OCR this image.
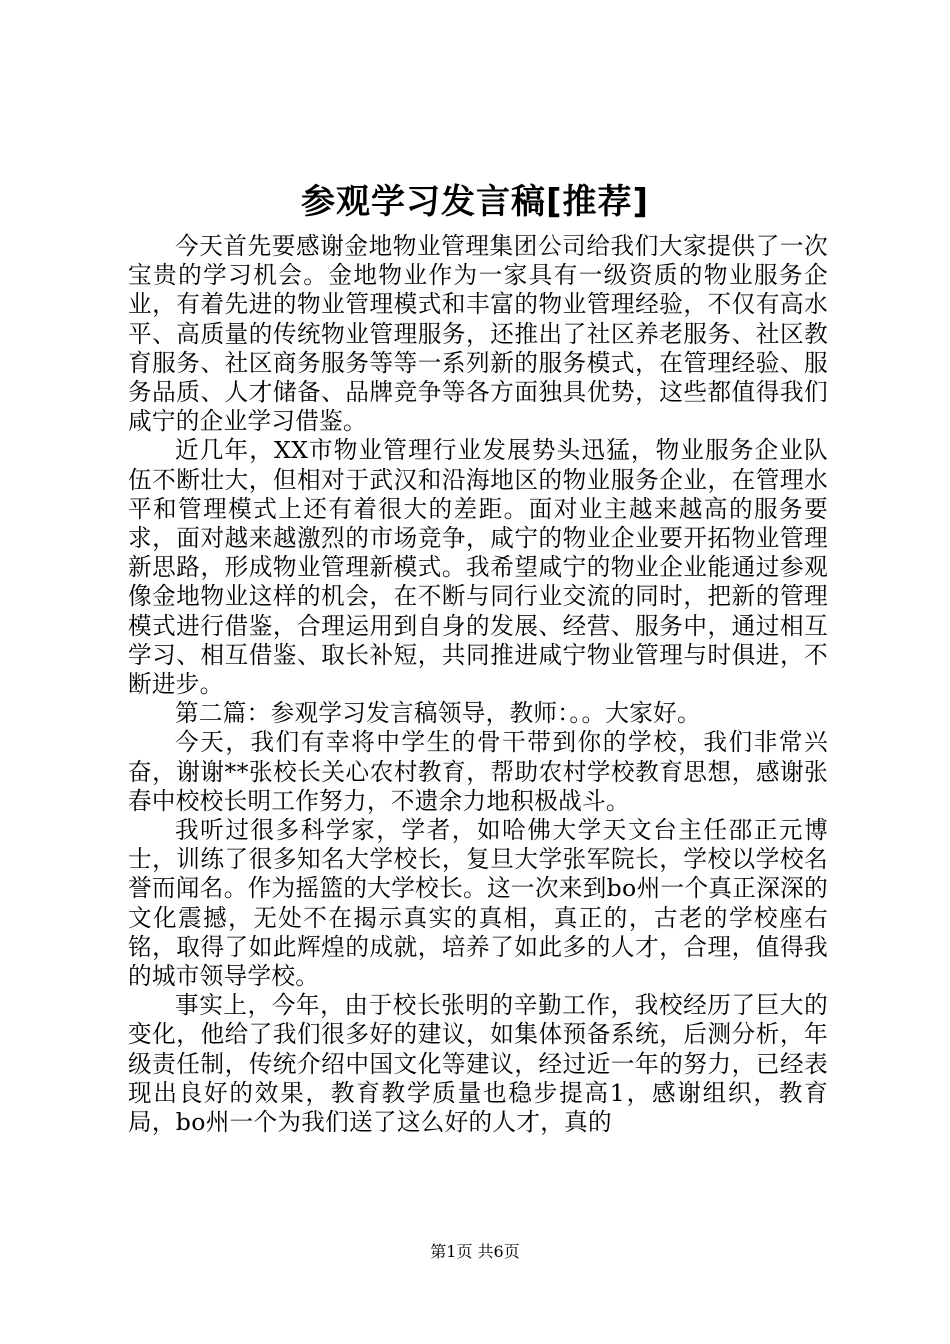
参观学习发言稿[推荐]

今天首先要感谢金地物业管理集团公司给我们大家提供了一次宝贵的学习机会。金地物业作为一家具有一级资质的物业服务企业，有着先进的物业管理模式和丰富的物业管理经验，不仅有高水平、高质量的传统物业管理服务，还推出了社区养老服务、社区教育服务、社区商务服务等等一系列新的服务模式，在管理经验、服务品质、人才储备、品牌竞争等各方面独具优势，这些都值得我们咸宁的企业学习借鉴。

近几年，XX市物业管理行业发展势头迅猛，物业服务企业队伍不断壮大，但相对于武汉和沿海地区的物业服务企业，在管理水平和管理模式上还有着很大的差距。面对业主越来越高的服务要求，面对越来越激烈的市场竞争，咸宁的物业企业要开拓物业管理新思路，形成物业管理新模式。我希望咸宁的物业企业能通过参观像金地物业这样的机会，在不断与同行业交流的同时，把新的管理模式进行借鉴，合理运用到自身的发展、经营、服务中，通过相互学习、相互借鉴、取长补短，共同推进咸宁物业管理与时俱进，不断进步。

第二篇：参观学习发言稿领导，教师：。。大家好。

今天，我们有幸将中学生的骨干带到你的学校，我们非常兴奋，谢谢**张校长关心农村教育，帮助农村学校教育思想，感谢张春中校校长明工作努力，不遗余力地积极战斗。

我听过很多科学家，学者，如哈佛大学天文台主任邵正元博士，训练了很多知名大学校长，复旦大学张军院长，学校以学校名誉而闻名。作为摇篮的大学校长。这一次来到bo州一个真正深深的文化震撼，无处不在揭示真实的真相，真正的，古老的学校座右铭，取得了如此辉煌的成就，培养了如此多的人才，合理，值得我的城市领导学校。

事实上，今年，由于校长张明的辛勤工作，我校经历了巨大的变化，他给了我们很多好的建议，如集体预备系统，后测分析，年级责任制，传统介绍中国文化等建议，经过近一年的努力，已经表现出良好的效果，教育教学质量也稳步提高1，感谢组织，教育局，bo州一个为我们送了这么好的人才，真的

第1页 共6页
